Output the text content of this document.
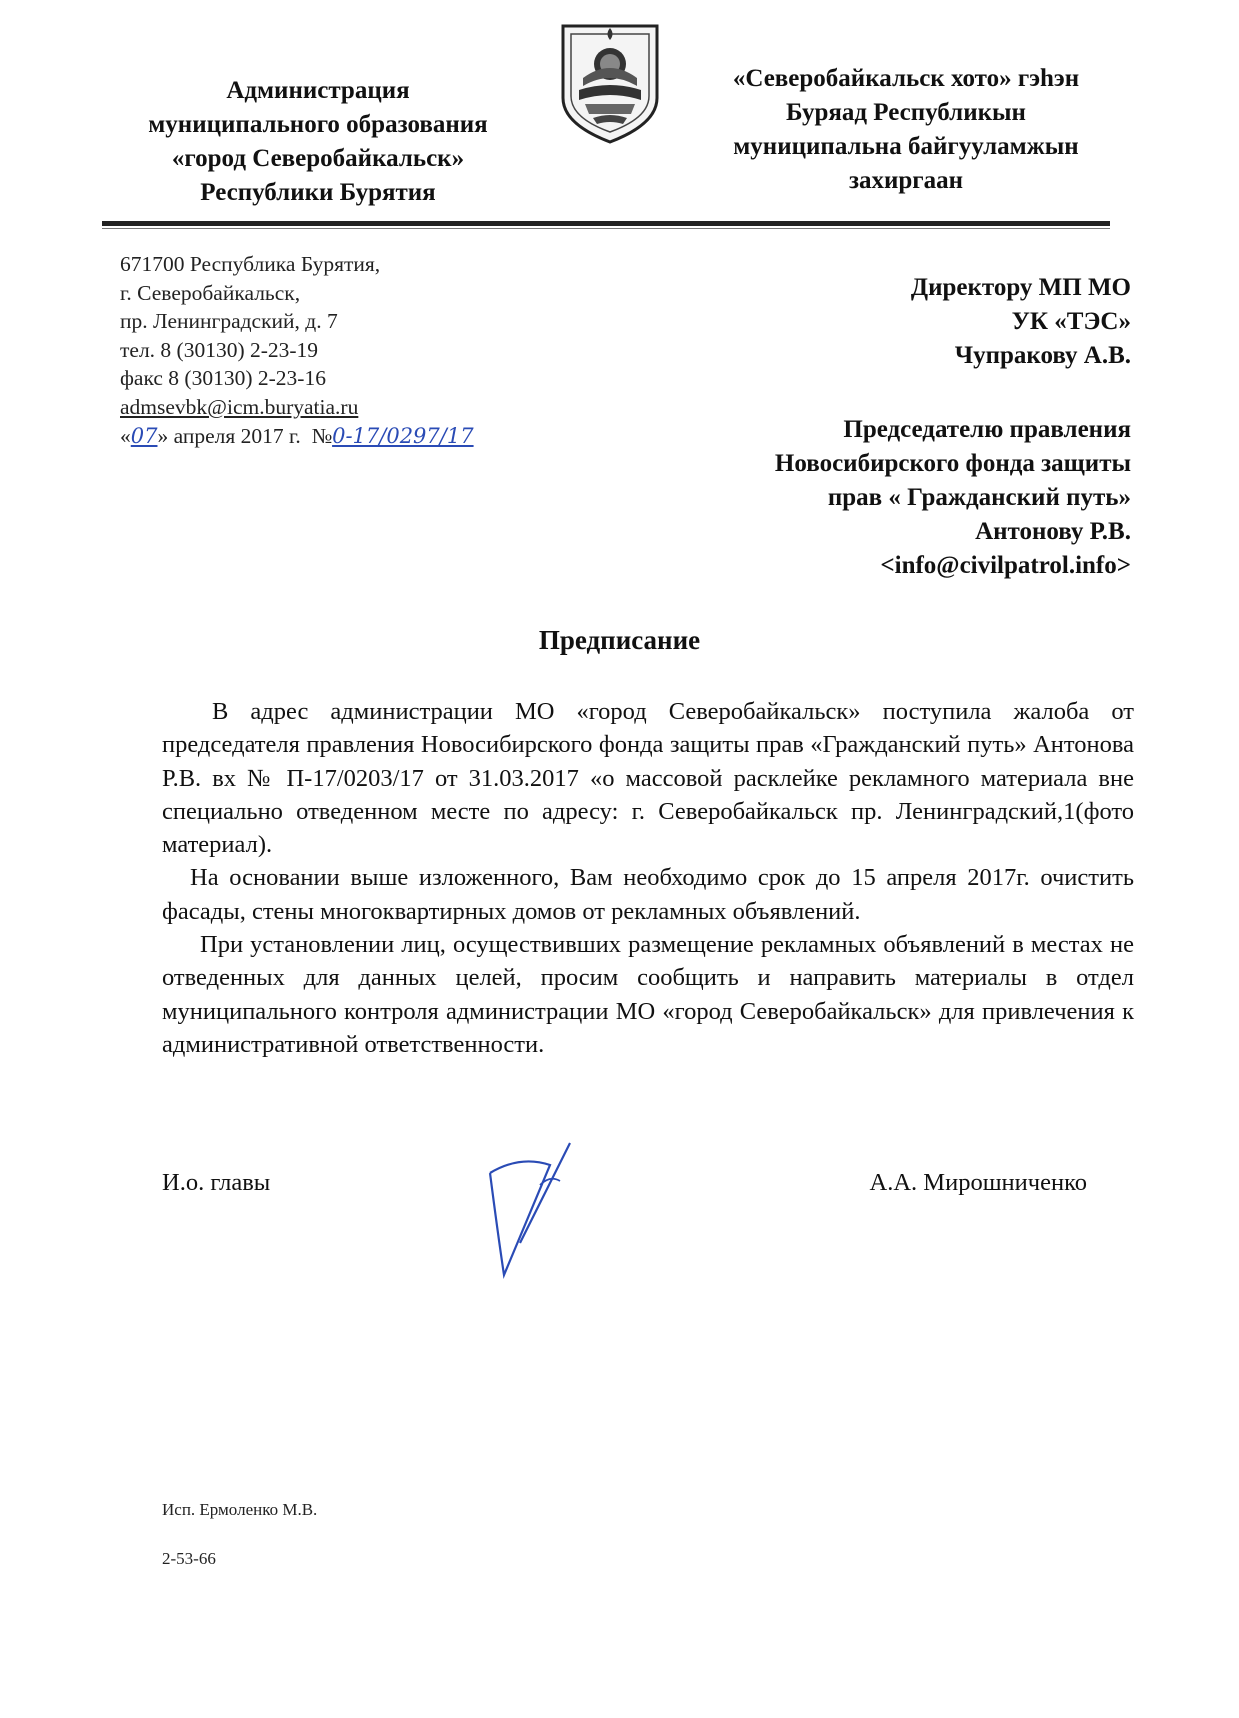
Администрация
муниципального образования
«город Северобайкальск»
Республики Бурятия
«Северобайкальск хото» гэһэн
Буряад Республикын
муниципальна байгууламжын
захиргаан
671700 Республика Бурятия,
г. Северобайкальск,
пр. Ленинградский, д. 7
тел. 8 (30130) 2-23-19
факс 8 (30130) 2-23-16
admsevbk@icm.buryatia.ru
«07» апреля 2017 г. №0-17/0297/17
Директору МП МО
УК «ТЭС»
Чупракову А.В.
Председателю правления
Новосибирского фонда защиты
прав « Гражданский путь»
Антонову Р.В.
<info@civilpatrol.info>
Предписание

В адрес администрации МО «город Северобайкальск» поступила жалоба от председателя правления Новосибирского фонда защиты прав «Гражданский путь» Антонова Р.В. вх № П-17/0203/17 от 31.03.2017 «о массовой расклейке рекламного материала вне специально отведенном месте по адресу: г. Северобайкальск пр. Ленинградский,1(фото материал).

На основании выше изложенного, Вам необходимо срок до 15 апреля 2017г. очистить фасады, стены многоквартирных домов от рекламных объявлений.

При установлении лиц, осуществивших размещение рекламных объявлений в местах не отведенных для данных целей, просим сообщить и направить материалы в отдел муниципального контроля администрации МО «город Северобайкальск» для привлечения к административной ответственности.

И.о. главы	А.А. Мирошниченко
Исп. Ермоленко М.В.
2-53-66
